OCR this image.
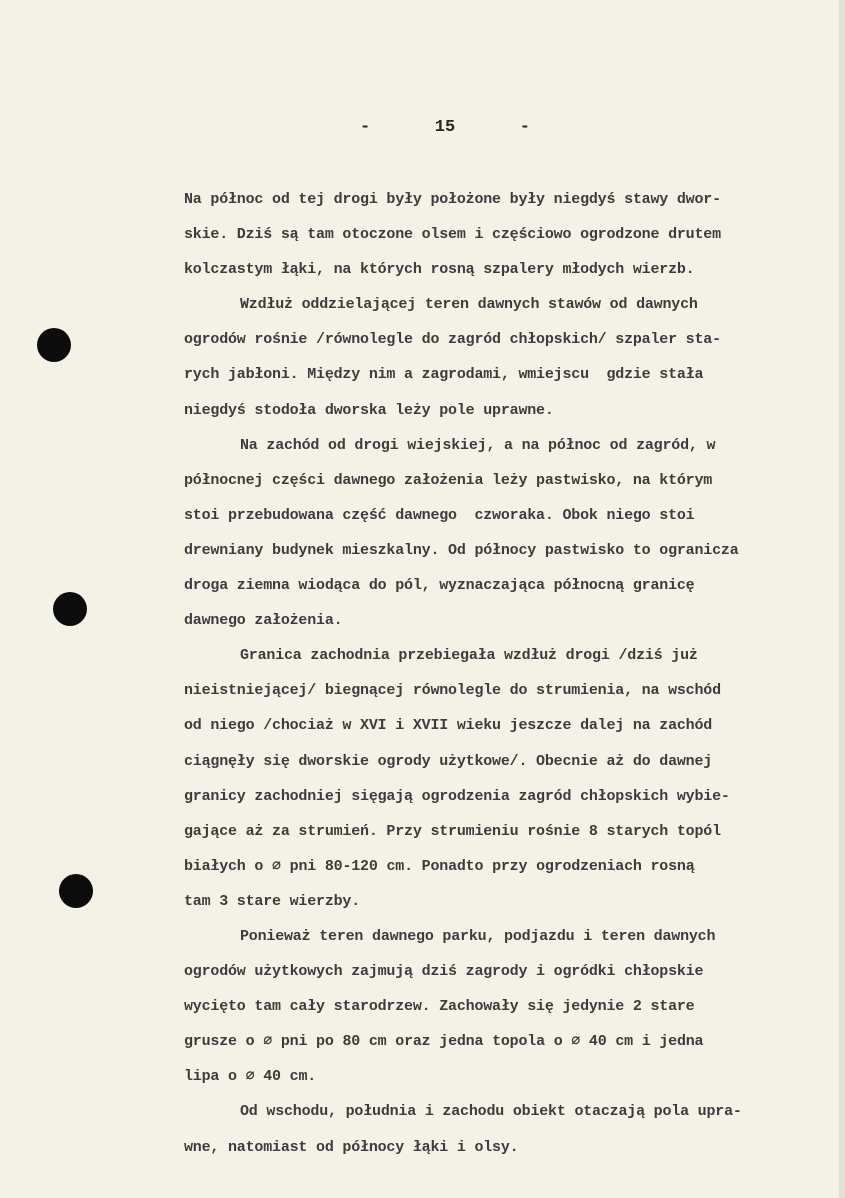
-	15	-
Na północ od tej drogi były położone były niegdyś stawy dwor-
skie. Dziś są tam otoczone olsem i częściowo ogrodzone drutem
kolczastym łąki, na których rosną szpalery młodych wierzb.
Wzdłuż oddzielającej teren dawnych stawów od dawnych
ogrodów rośnie /równolegle do zagród chłopskich/ szpaler sta-
rych jabłoni. Między nim a zagrodami, wmiejscu  gdzie stała
niegdyś stodoła dworska leży pole uprawne.
Na zachód od drogi wiejskiej, a na północ od zagród, w
północnej części dawnego założenia leży pastwisko, na którym
stoi przebudowana część dawnego  czworaka. Obok niego stoi
drewniany budynek mieszkalny. Od północy pastwisko to ogranicza
droga ziemna wiodąca do pól, wyznaczająca północną granicę
dawnego założenia.
Granica zachodnia przebiegała wzdłuż drogi /dziś już
nieistniejącej/ biegnącej równolegle do strumienia, na wschód
od niego /chociaż w XVI i XVII wieku jeszcze dalej na zachód
ciągnęły się dworskie ogrody użytkowe/. Obecnie aż do dawnej
granicy zachodniej sięgają ogrodzenia zagród chłopskich wybie-
gające aż za strumień. Przy strumieniu rośnie 8 starych topól
białych o ∅ pni 80-120 cm. Ponadto przy ogrodzeniach rosną
tam 3 stare wierzby.
Ponieważ teren dawnego parku, podjazdu i teren dawnych
ogrodów użytkowych zajmują dziś zagrody i ogródki chłopskie
wycięto tam cały starodrzew. Zachowały się jedynie 2 stare
grusze o ∅ pni po 80 cm oraz jedna topola o ∅ 40 cm i jedna
lipa o ∅ 40 cm.
Od wschodu, południa i zachodu obiekt otaczają pola upra-
wne, natomiast od północy łąki i olsy.
